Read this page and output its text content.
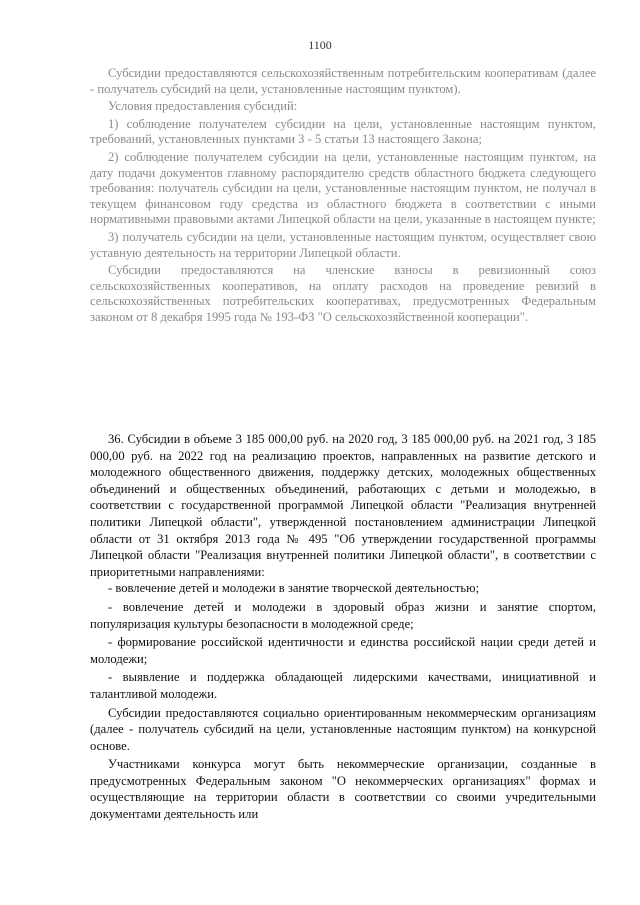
1100

Субсидии предоставляются сельскохозяйственным потребительским кооперативам (далее - получатель субсидий на цели, установленные настоящим пунктом).

Условия предоставления субсидий:

1) соблюдение получателем субсидии на цели, установленные настоящим пунктом, требований, установленных пунктами 3 - 5 статьи 13 настоящего Закона;

2) соблюдение получателем субсидии на цели, установленные настоящим пунктом, на дату подачи документов главному распорядителю средств областного бюджета следующего требования: получатель субсидии на цели, установленные настоящим пунктом, не получал в текущем финансовом году средства из областного бюджета в соответствии с иными нормативными правовыми актами Липецкой области на цели, указанные в настоящем пункте;

3) получатель субсидии на цели, установленные настоящим пунктом, осуществляет свою уставную деятельность на территории Липецкой области.

Субсидии предоставляются на членские взносы в ревизионный союз сельскохозяйственных кооперативов, на оплату расходов на проведение ревизий в сельскохозяйственных потребительских кооперативах, предусмотренных Федеральным законом от 8 декабря 1995 года № 193-ФЗ "О сельскохозяйственной кооперации".

36. Субсидии в объеме 3 185 000,00 руб. на 2020 год, 3 185 000,00 руб. на 2021 год, 3 185 000,00 руб. на 2022 год на реализацию проектов, направленных на развитие детского и молодежного общественного движения, поддержку детских, молодежных общественных объединений и общественных объединений, работающих с детьми и молодежью, в соответствии с государственной программой Липецкой области "Реализация внутренней политики Липецкой области", утвержденной постановлением администрации Липецкой области от 31 октября 2013 года № 495 "Об утверждении государственной программы Липецкой области "Реализация внутренней политики Липецкой области", в соответствии с приоритетными направлениями:

- вовлечение детей и молодежи в занятие творческой деятельностью;

- вовлечение детей и молодежи в здоровый образ жизни и занятие спортом, популяризация культуры безопасности в молодежной среде;

- формирование российской идентичности и единства российской нации среди детей и молодежи;

- выявление и поддержка обладающей лидерскими качествами, инициативной и талантливой молодежи.

Субсидии предоставляются социально ориентированным некоммерческим организациям (далее - получатель субсидий на цели, установленные настоящим пунктом) на конкурсной основе.

Участниками конкурса могут быть некоммерческие организации, созданные в предусмотренных Федеральным законом "О некоммерческих организациях" формах и осуществляющие на территории области в соответствии со своими учредительными документами деятельность или
